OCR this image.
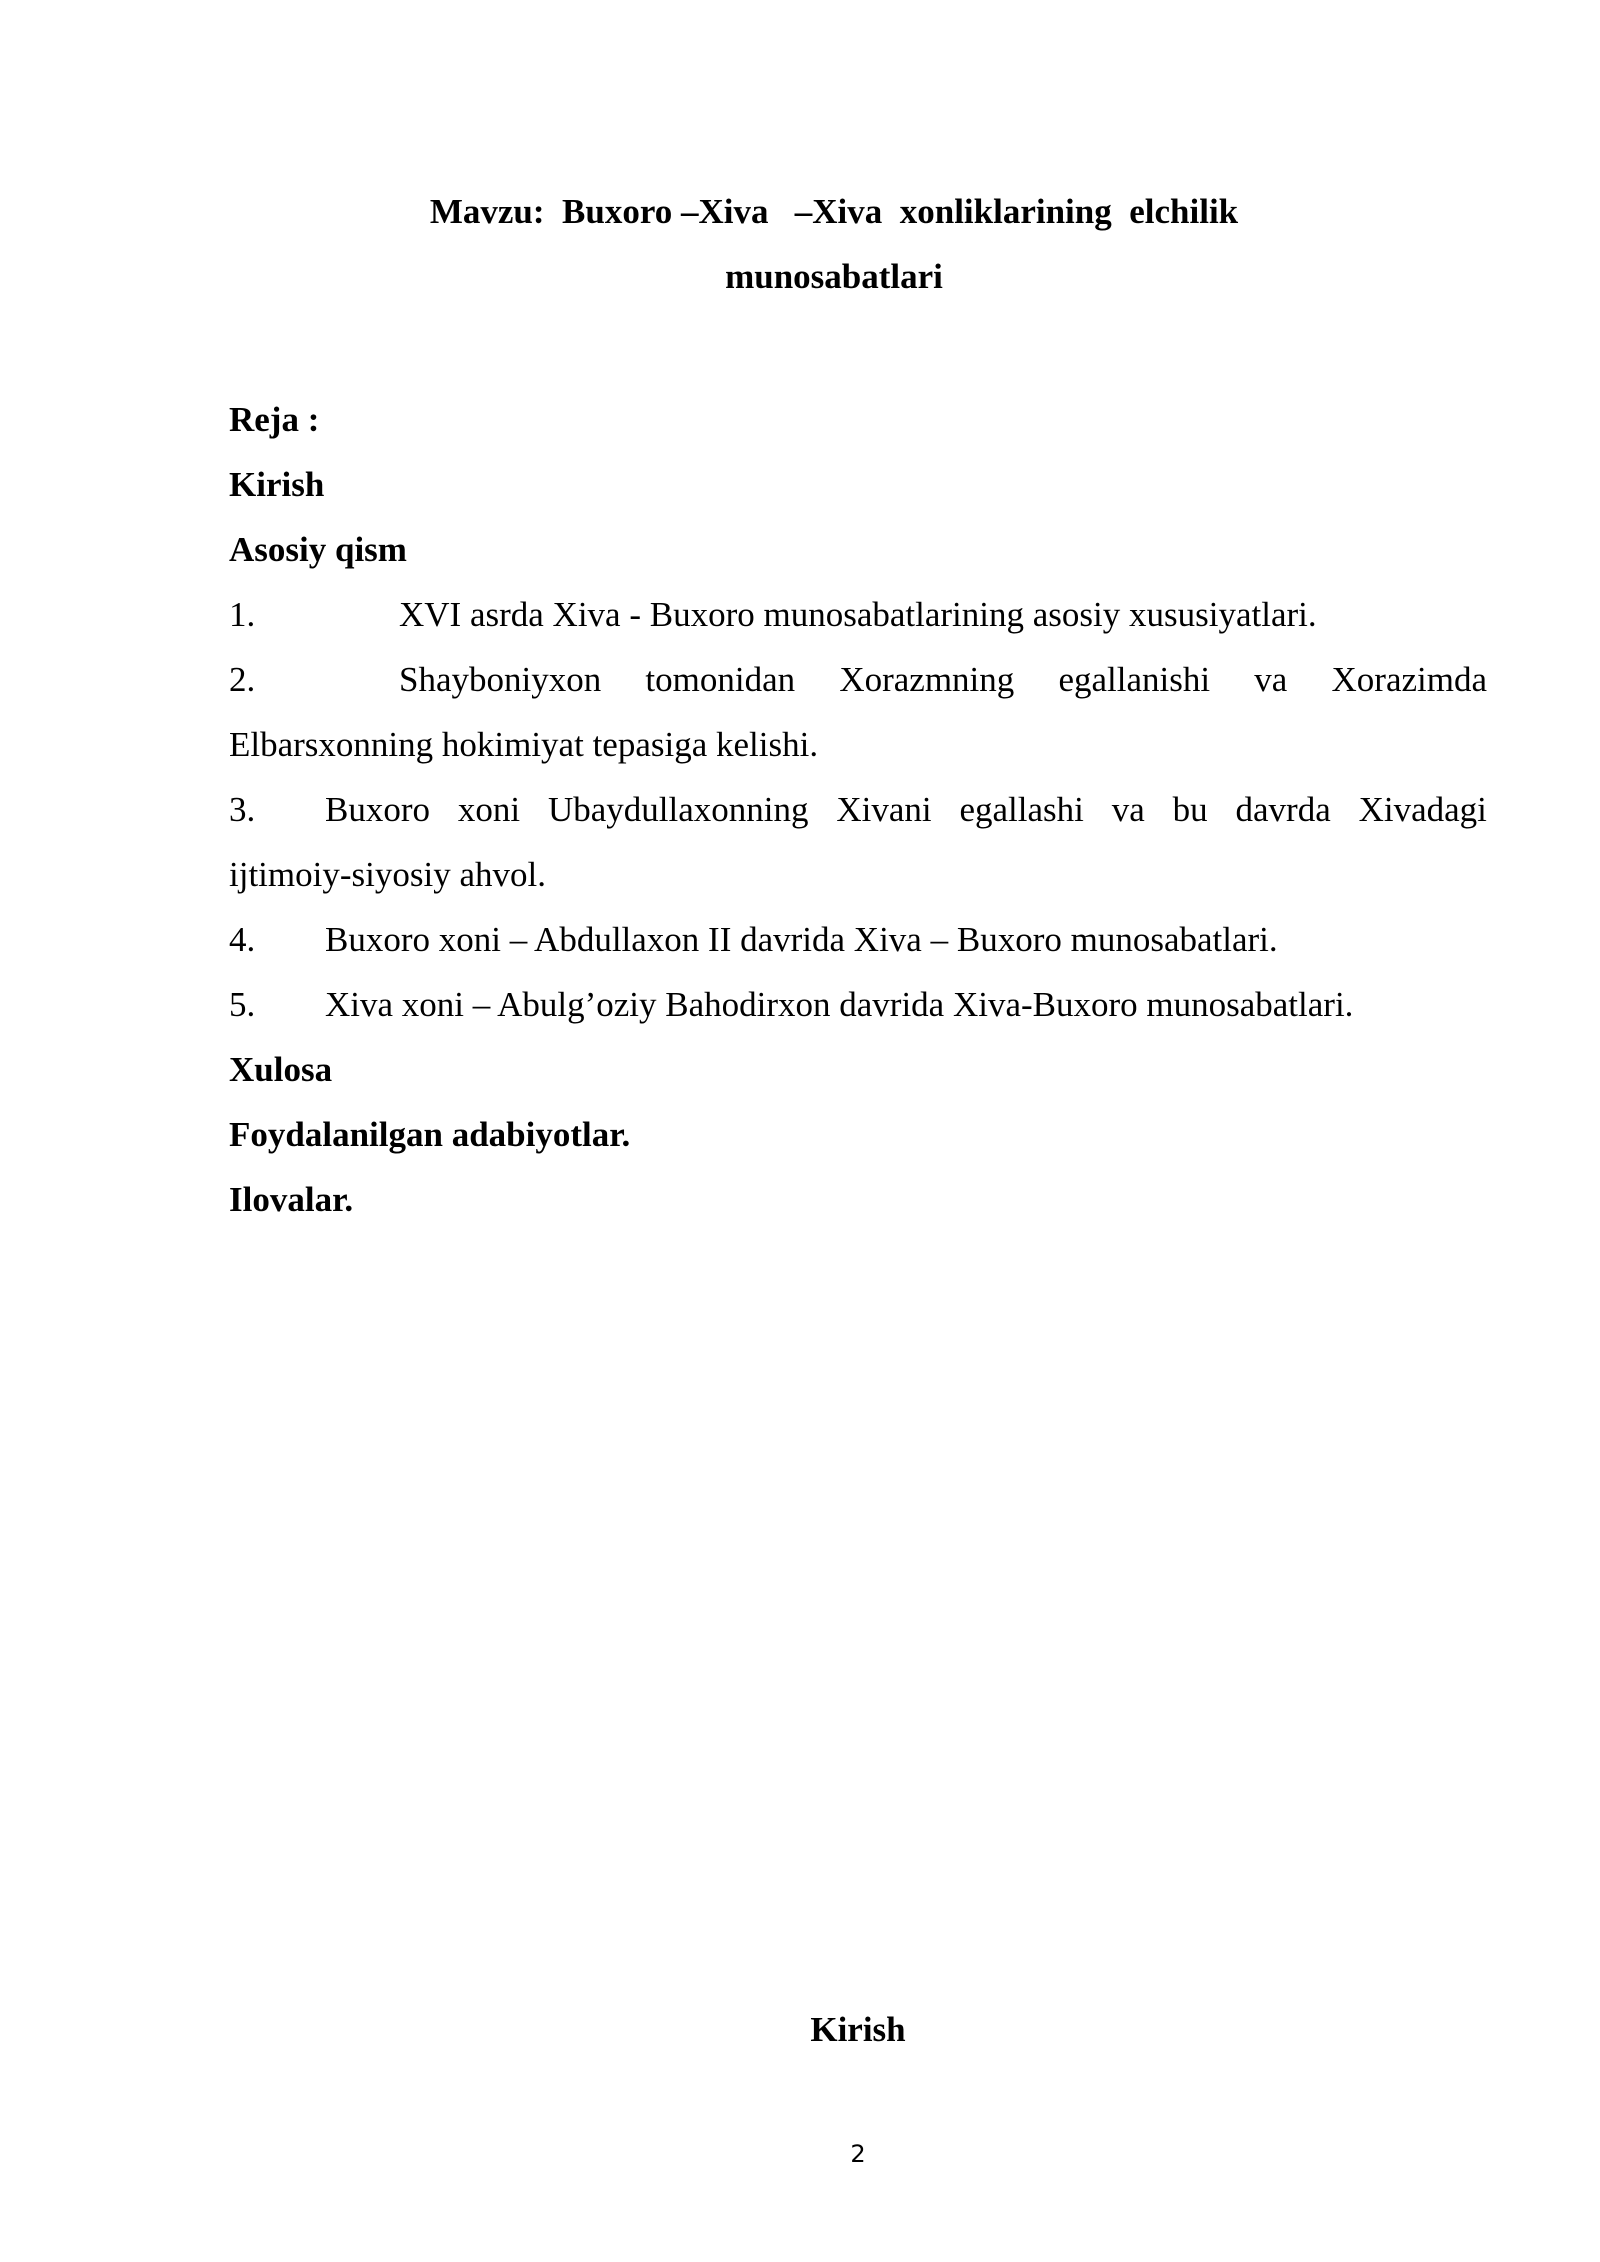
Mavzu:  Buxoro –Xiva   –Xiva  xonliklarining  elchilik
munosabatlari
Reja :
Kirish
Asosiy qism
1.	XVI asrda Xiva - Buxoro munosabatlarining asosiy xususiyatlari.
2.	Shayboniyxon tomonidan Xorazmning egallanishi va Xorazimda
Elbarsxonning hokimiyat tepasiga kelishi.
3.	Buxoro xoni Ubaydullaxonning Xivani egallashi va bu davrda Xivadagi
ijtimoiy-siyosiy ahvol.
4.	Buxoro xoni – Abdullaxon II davrida Xiva – Buxoro munosabatlari.
5.	Xiva xoni – Abulg’oziy Bahodirxon davrida Xiva-Buxoro munosabatlari.
Xulosa
Foydalanilgan adabiyotlar.
Ilovalar.
Kirish
2
